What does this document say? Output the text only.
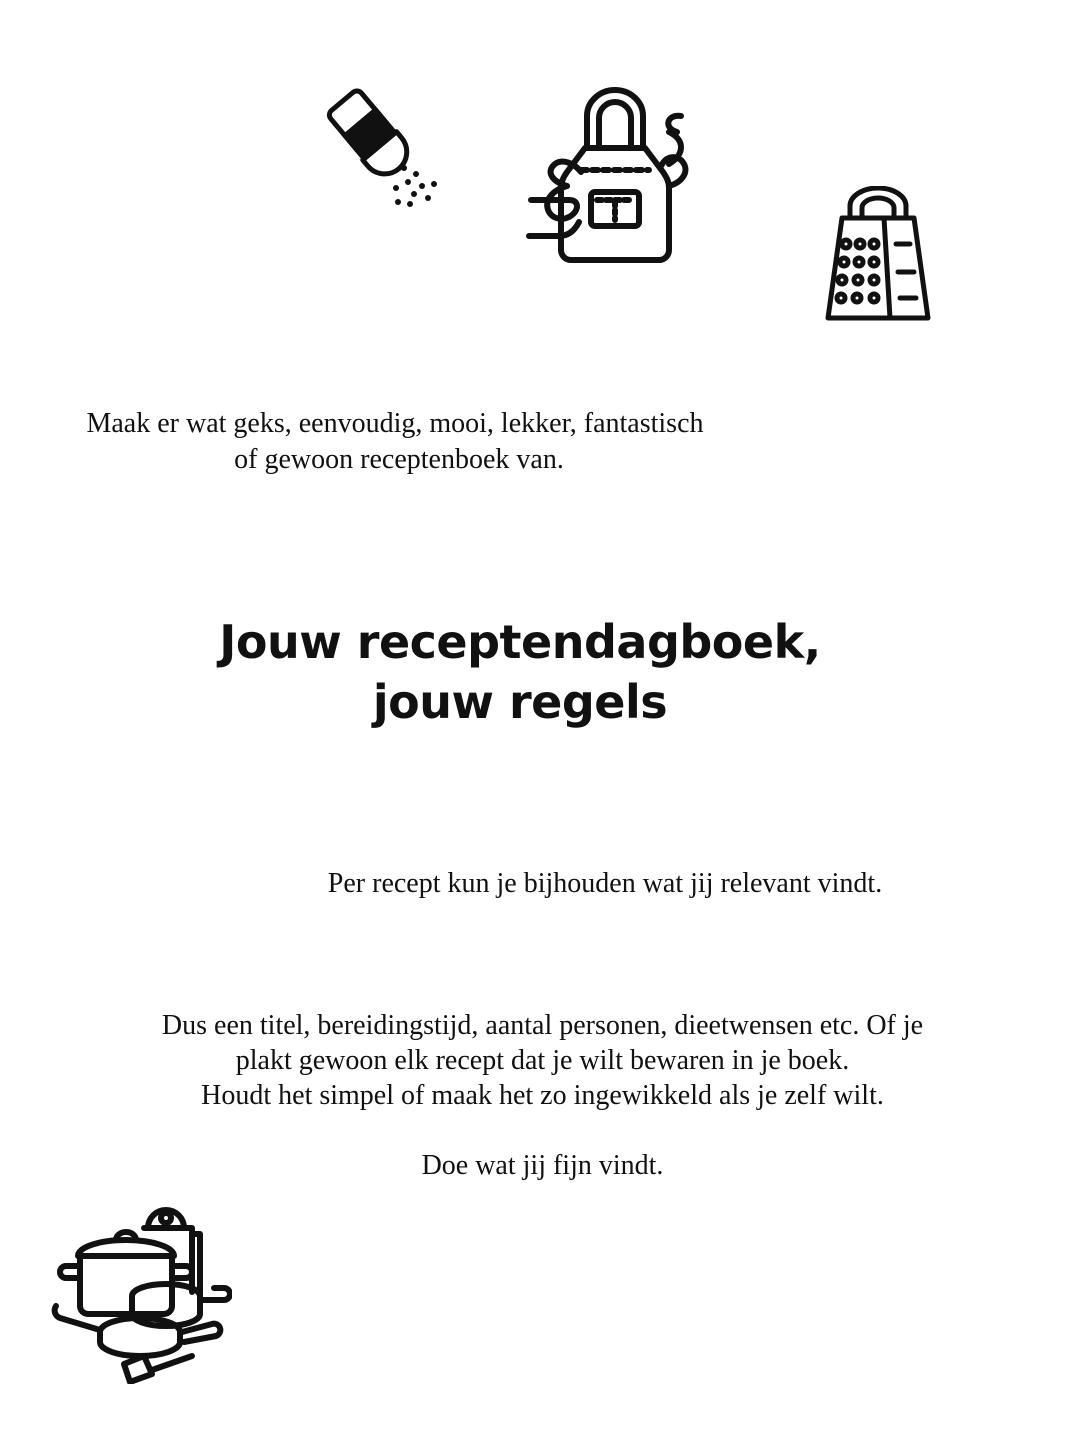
Maak er wat geks, eenvoudig, mooi, lekker, fantastisch
of gewoon receptenboek van.
Jouw receptendagboek,
jouw regels
Per recept kun je bijhouden wat jij relevant vindt.
Dus een titel, bereidingstijd, aantal personen, dieetwensen etc. Of je
plakt gewoon elk recept dat je wilt bewaren in je boek.
Houdt het simpel of maak het zo ingewikkeld als je zelf wilt.
Doe wat jij fijn vindt.
